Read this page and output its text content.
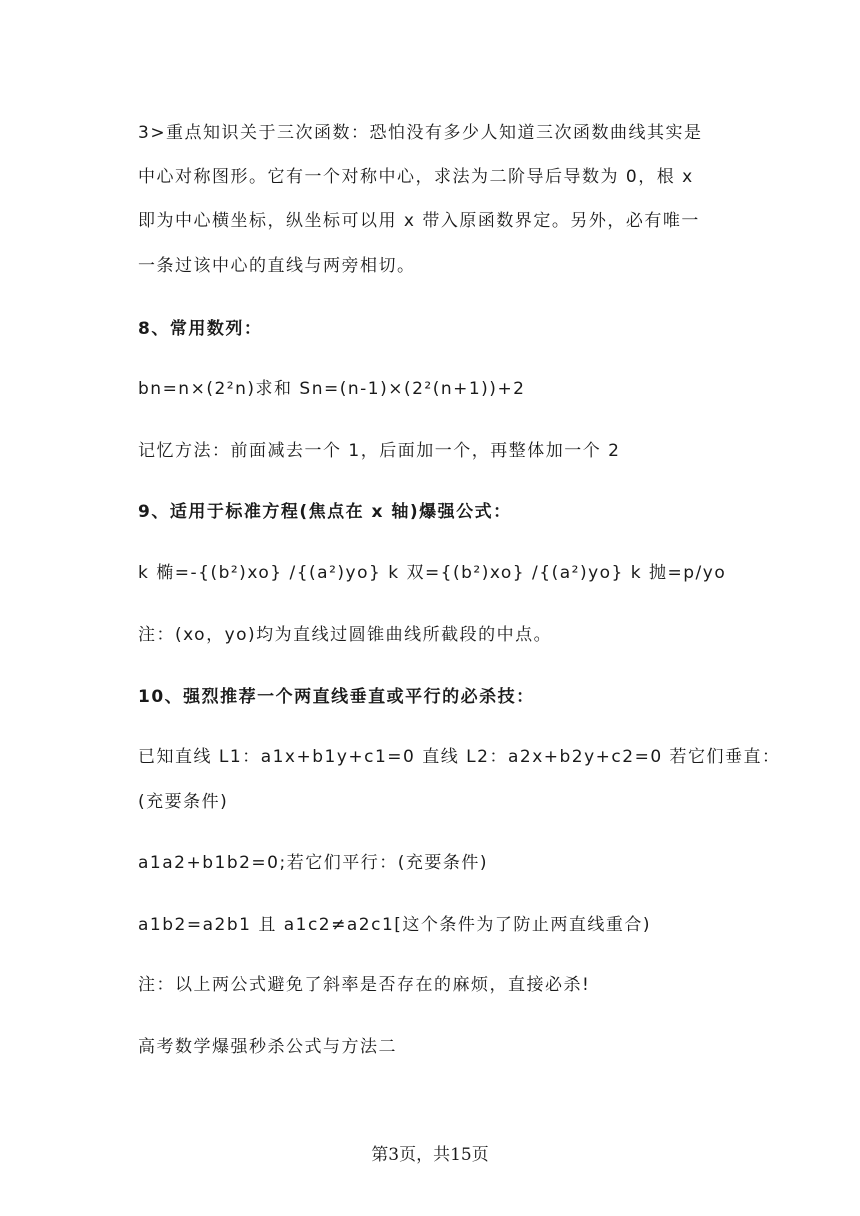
3>重点知识关于三次函数：恐怕没有多少人知道三次函数曲线其实是
中心对称图形。它有一个对称中心，求法为二阶导后导数为 0，根 x
即为中心横坐标，纵坐标可以用 x 带入原函数界定。另外，必有唯一
一条过该中心的直线与两旁相切。
8、常用数列：
bn=n×(2²n)求和 Sn=(n-1)×(2²(n+1))+2
记忆方法：前面减去一个 1，后面加一个，再整体加一个 2
9、适用于标准方程(焦点在 x 轴)爆强公式：
k 椭=-{(b²)xo} /{(a²)yo} k 双={(b²)xo} /{(a²)yo} k 抛=p/yo
注：(xo，yo)均为直线过圆锥曲线所截段的中点。
10、强烈推荐一个两直线垂直或平行的必杀技：
已知直线 L1：a1x+b1y+c1=0 直线 L2：a2x+b2y+c2=0 若它们垂直：
(充要条件)
a1a2+b1b2=0;若它们平行：(充要条件)
a1b2=a2b1 且 a1c2≠a2c1[这个条件为了防止两直线重合)
注：以上两公式避免了斜率是否存在的麻烦，直接必杀!
高考数学爆强秒杀公式与方法二
第3页，共15页
